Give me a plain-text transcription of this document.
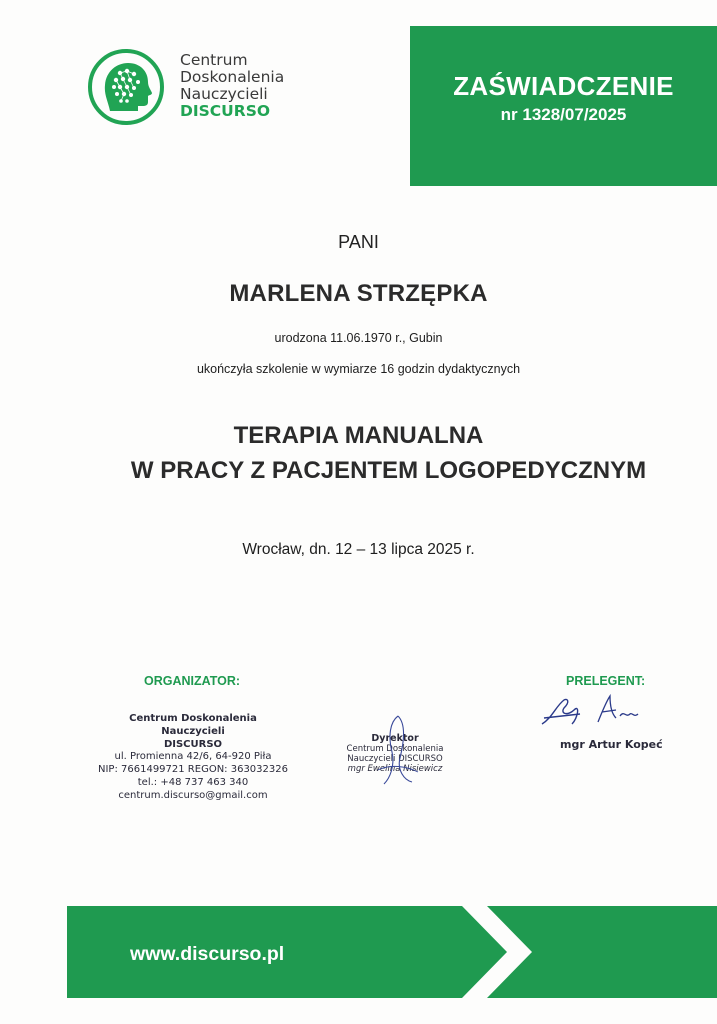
Centrum
Doskonalenia
Nauczycieli
DISCURSO
ZAŚWIADCZENIE
nr 1328/07/2025
PANI
MARLENA STRZĘPKA
urodzona 11.06.1970 r., Gubin
ukończyła szkolenie w wymiarze 16 godzin dydaktycznych
TERAPIA MANUALNA
W PRACY Z PACJENTEM LOGOPEDYCZNYM
Wrocław, dn. 12 – 13 lipca 2025 r.
ORGANIZATOR:
Centrum Doskonalenia Nauczycieli
DISCURSO
ul. Promienna 42/6, 64-920 Piła
NIP: 7661499721 REGON: 363032326
tel.: +48 737 463 340
centrum.discurso@gmail.com
Dyrektor
Centrum Doskonalenia
Nauczycieli DISCURSO
mgr Ewelina Nisiewicz
PRELEGENT:
mgr Artur Kopeć
www.discurso.pl
